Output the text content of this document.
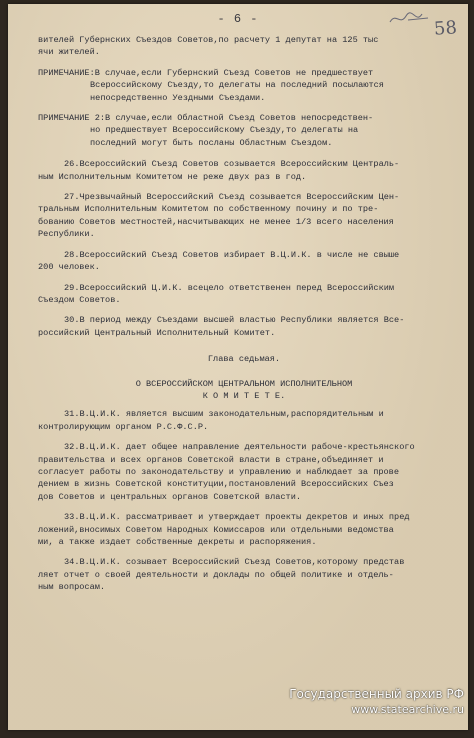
- 6 -	58
вителей Губернских Съездов Советов,по расчету 1 депутат на 125 тыс
ячи жителей.
ПРИМЕЧАНИЕ:В случае,если Губернский Съезд Советов не предшествует
Всероссийскому Съезду,то делегаты на последний посылаются
непосредственно Уездными Съездами.
ПРИМЕЧАНИЕ 2:В случае,если Областной Съезд Советов непосредствен-
но предшествует Всероссийскому Съезду,то делегаты на
последний могут быть посланы Областным Съездом.
26.Всероссийский Съезд Советов созывается Всероссийским Централь-
ным Исполнительным Комитетом не реже двух раз в год.
27.Чрезвычайный Всероссийский Съезд созывается Всероссийским Цен-
тральным Исполнительным Комитетом по собственному почину и по тре-
бованию Советов местностей,насчитывающих не менее 1/3 всего населения
Республики.
28.Всероссийский Съезд Советов избирает В.Ц.И.К. в числе не свыше
200 человек.
29.Всероссийский Ц.И.К. всецело ответственен перед Всероссийским
Съездом Советов.
30.В период между Съездами высшей властью Республики является Все-
российский Центральный Исполнительный Комитет.
Глава седьмая.
О ВСЕРОССИЙСКОМ ЦЕНТРАЛЬНОМ ИСПОЛНИТЕЛЬНОМ
К О М И Т Е Т Е.
31.В.Ц.И.К. является высшим законодательным,распорядительным и
контролирующим органом Р.С.Ф.С.Р.
32.В.Ц.И.К. дает общее направление деятельности рабоче-крестьянского
правительства и всех органов Советской власти в стране,объединяет и
согласует работы по законодательству и управлению и наблюдает за прове
дением в жизнь Советской конституции,постановлений Всероссийских Съез
дов Советов и центральных органов Советской власти.
33.В.Ц.И.К. рассматривает и утверждает проекты декретов и иных пред
ложений,вносимых Советом Народных Комиссаров или отдельными ведомства
ми, а также издает собственные декреты и распоряжения.
34.В.Ц.И.К. созывает Всероссийский Съезд Советов,которому представ
ляет отчет о своей деятельности и доклады по общей политике и отдель-
ным вопросам.
Государственный архив РФ
www.statearchive.ru
